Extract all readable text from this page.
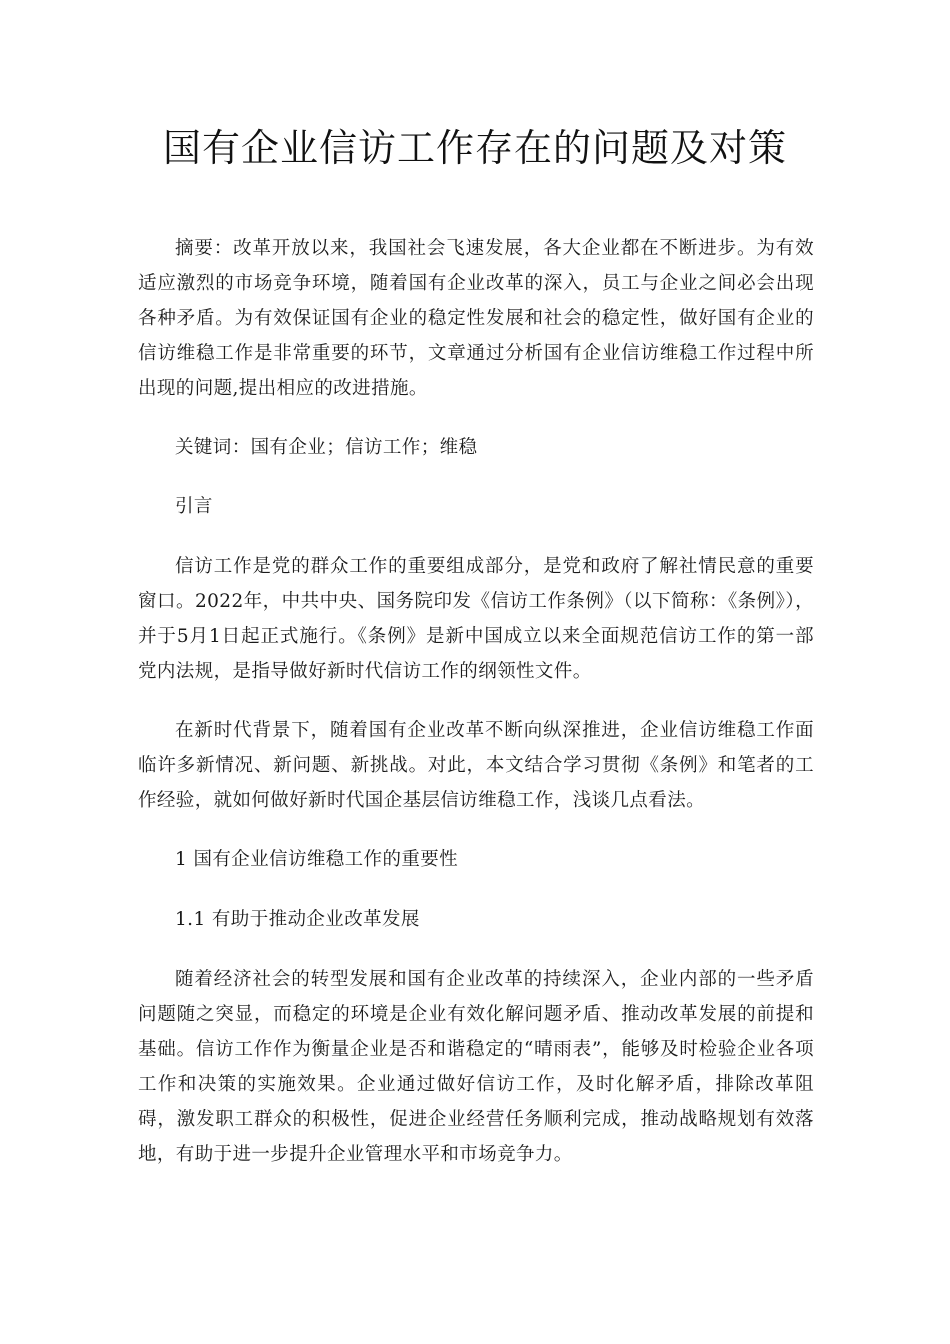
国有企业信访工作存在的问题及对策

摘要：改革开放以来，我国社会飞速发展，各大企业都在不断进步。为有效适应激烈的市场竞争环境，随着国有企业改革的深入，员工与企业之间必会出现各种矛盾。为有效保证国有企业的稳定性发展和社会的稳定性，做好国有企业的信访维稳工作是非常重要的环节，文章通过分析国有企业信访维稳工作过程中所出现的问题,提出相应的改进措施。

关键词：国有企业；信访工作；维稳

引言

信访工作是党的群众工作的重要组成部分，是党和政府了解社情民意的重要窗口。2022年，中共中央、国务院印发《信访工作条例》（以下简称：《条例》），并于5月1日起正式施行。《条例》是新中国成立以来全面规范信访工作的第一部党内法规，是指导做好新时代信访工作的纲领性文件。

在新时代背景下，随着国有企业改革不断向纵深推进，企业信访维稳工作面临许多新情况、新问题、新挑战。对此，本文结合学习贯彻《条例》和笔者的工作经验，就如何做好新时代国企基层信访维稳工作，浅谈几点看法。

1 国有企业信访维稳工作的重要性

1.1 有助于推动企业改革发展

随着经济社会的转型发展和国有企业改革的持续深入，企业内部的一些矛盾问题随之突显，而稳定的环境是企业有效化解问题矛盾、推动改革发展的前提和基础。信访工作作为衡量企业是否和谐稳定的“晴雨表”，能够及时检验企业各项工作和决策的实施效果。企业通过做好信访工作，及时化解矛盾，排除改革阻碍，激发职工群众的积极性，促进企业经营任务顺利完成，推动战略规划有效落地，有助于进一步提升企业管理水平和市场竞争力。
